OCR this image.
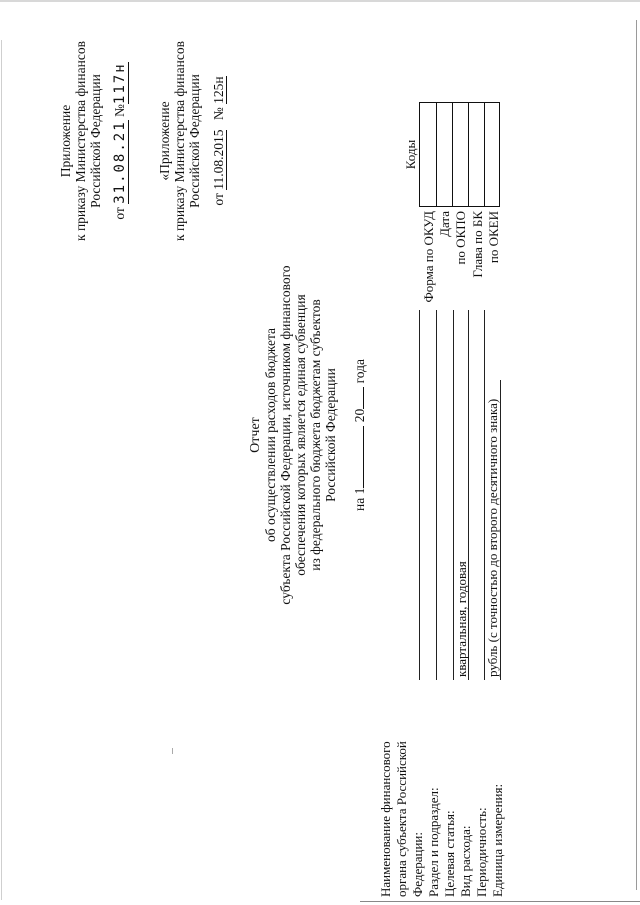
Приложение к приказу Министерства финансов Российской Федерации
от 31.08.21 №117н
«Приложение к приказу Министерства финансов Российской Федерации от 11.08.2015 № 125н
Отчет об осуществлении расходов бюджета субъекта Российской Федерации, источником финансового обеспечения которых является единая субвенция из федерального бюджета бюджетам субъектов Российской Федерации на 1 20 года
Наименование финансового органа субъекта Российской Федерации: Раздел и подраздел: Целевая статья: Вид расхода: Периодичность: Единица измерения:
квартальная, годовая рубль (с точностью до второго десятичного знака)
Коды
Форма по ОКУД Дата по ОКПО Глава по БК по ОКЕИ
